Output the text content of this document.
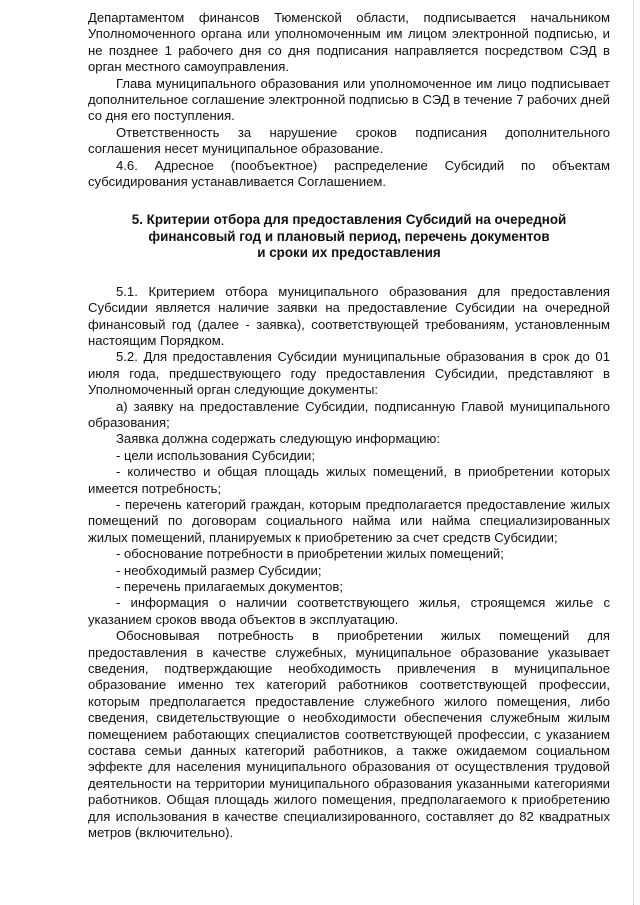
Департаментом финансов Тюменской области, подписывается начальником Уполномоченного органа или уполномоченным им лицом электронной подписью, и не позднее 1 рабочего дня со дня подписания направляется посредством СЭД в орган местного самоуправления.

Глава муниципального образования или уполномоченное им лицо подписывает дополнительное соглашение электронной подписью в СЭД в течение 7 рабочих дней со дня его поступления.

Ответственность за нарушение сроков подписания дополнительного соглашения несет муниципальное образование.

4.6. Адресное (пообъектное) распределение Субсидий по объектам субсидирования устанавливается Соглашением.

5. Критерии отбора для предоставления Субсидий на очередной
финансовый год и плановый период, перечень документов
и сроки их предоставления

5.1. Критерием отбора муниципального образования для предоставления Субсидии является наличие заявки на предоставление Субсидии на очередной финансовый год (далее - заявка), соответствующей требованиям, установленным настоящим Порядком.

5.2. Для предоставления Субсидии муниципальные образования в срок до 01 июля года, предшествующего году предоставления Субсидии, представляют в Уполномоченный орган следующие документы:

а) заявку на предоставление Субсидии, подписанную Главой муниципального образования;

Заявка должна содержать следующую информацию:

- цели использования Субсидии;

- количество и общая площадь жилых помещений, в приобретении которых имеется потребность;

- перечень категорий граждан, которым предполагается предоставление жилых помещений по договорам социального найма или найма специализированных жилых помещений, планируемых к приобретению за счет средств Субсидии;

- обоснование потребности в приобретении жилых помещений;

- необходимый размер Субсидии;

- перечень прилагаемых документов;

- информация о наличии соответствующего жилья, строящемся жилье с указанием сроков ввода объектов в эксплуатацию.

Обосновывая потребность в приобретении жилых помещений для предоставления в качестве служебных, муниципальное образование указывает сведения, подтверждающие необходимость привлечения в муниципальное образование именно тех категорий работников соответствующей профессии, которым предполагается предоставление служебного жилого помещения, либо сведения, свидетельствующие о необходимости обеспечения служебным жилым помещением работающих специалистов соответствующей профессии, с указанием состава семьи данных категорий работников, а также ожидаемом социальном эффекте для населения муниципального образования от осуществления трудовой деятельности на территории муниципального образования указанными категориями работников. Общая площадь жилого помещения, предполагаемого к приобретению для использования в качестве специализированного, составляет до 82 квадратных метров (включительно).
